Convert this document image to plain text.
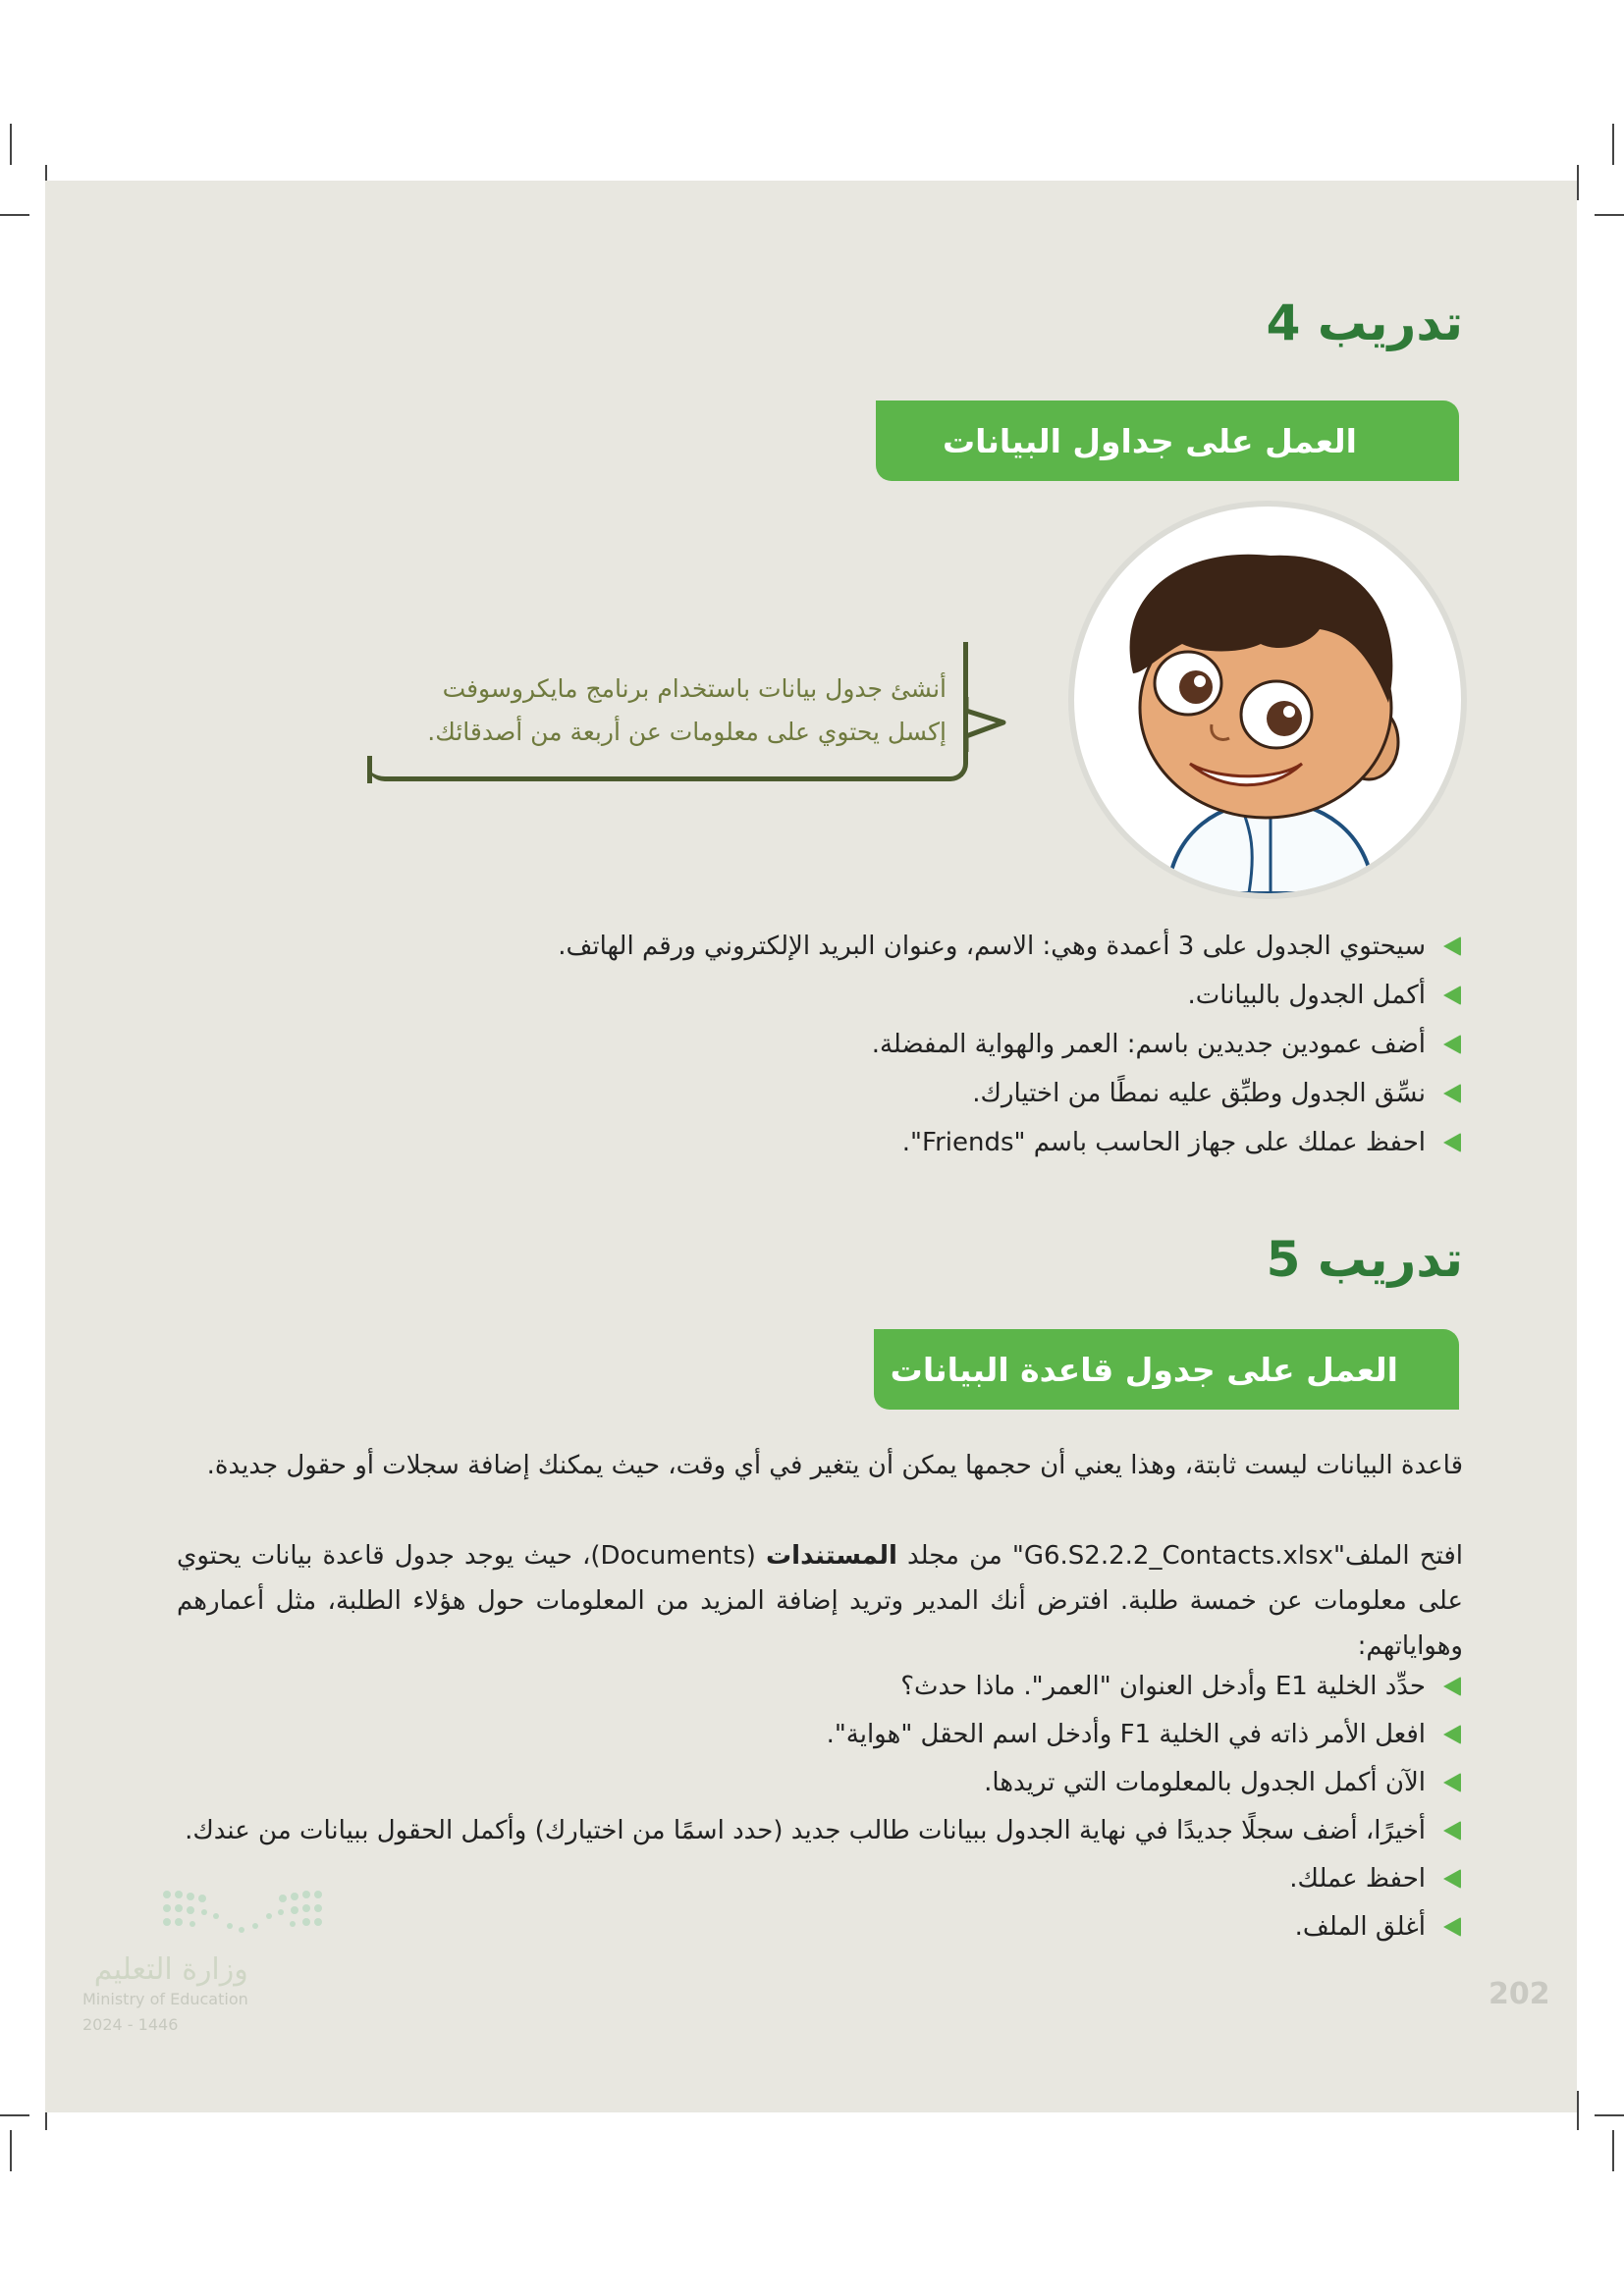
تدريب 4
العمل على جداول البيانات
أنشئ جدول بيانات باستخدام برنامج مايكروسوفت
إكسل يحتوي على معلومات عن أربعة من أصدقائك.
سيحتوي الجدول على 3 أعمدة وهي: الاسم، وعنوان البريد الإلكتروني ورقم الهاتف.
أكمل الجدول بالبيانات.
أضف عمودين جديدين باسم: العمر والهواية المفضلة.
نسِّق الجدول وطبِّق عليه نمطًا من اختيارك.
احفظ عملك على جهاز الحاسب باسم "Friends".
تدريب 5
العمل على جدول قاعدة البيانات
قاعدة البيانات ليست ثابتة، وهذا يعني أن حجمها يمكن أن يتغير في أي وقت، حيث يمكنك إضافة سجلات أو حقول جديدة.
افتح الملف"G6.S2.2.2_Contacts.xlsx" من مجلد المستندات (Documents)، حيث يوجد جدول قاعدة بيانات يحتوي على معلومات عن خمسة طلبة. افترض أنك المدير وتريد إضافة المزيد من المعلومات حول هؤلاء الطلبة، مثل أعمارهم وهواياتهم:
حدِّد الخلية E1 وأدخل العنوان "العمر". ماذا حدث؟
افعل الأمر ذاته في الخلية F1 وأدخل اسم الحقل "هواية".
الآن أكمل الجدول بالمعلومات التي تريدها.
أخيرًا، أضف سجلًا جديدًا في نهاية الجدول ببيانات طالب جديد (حدد اسمًا من اختيارك) وأكمل الحقول ببيانات من عندك.
احفظ عملك.
أغلق الملف.
وزارة التعليم
Ministry of Education
2024 - 1446
202
